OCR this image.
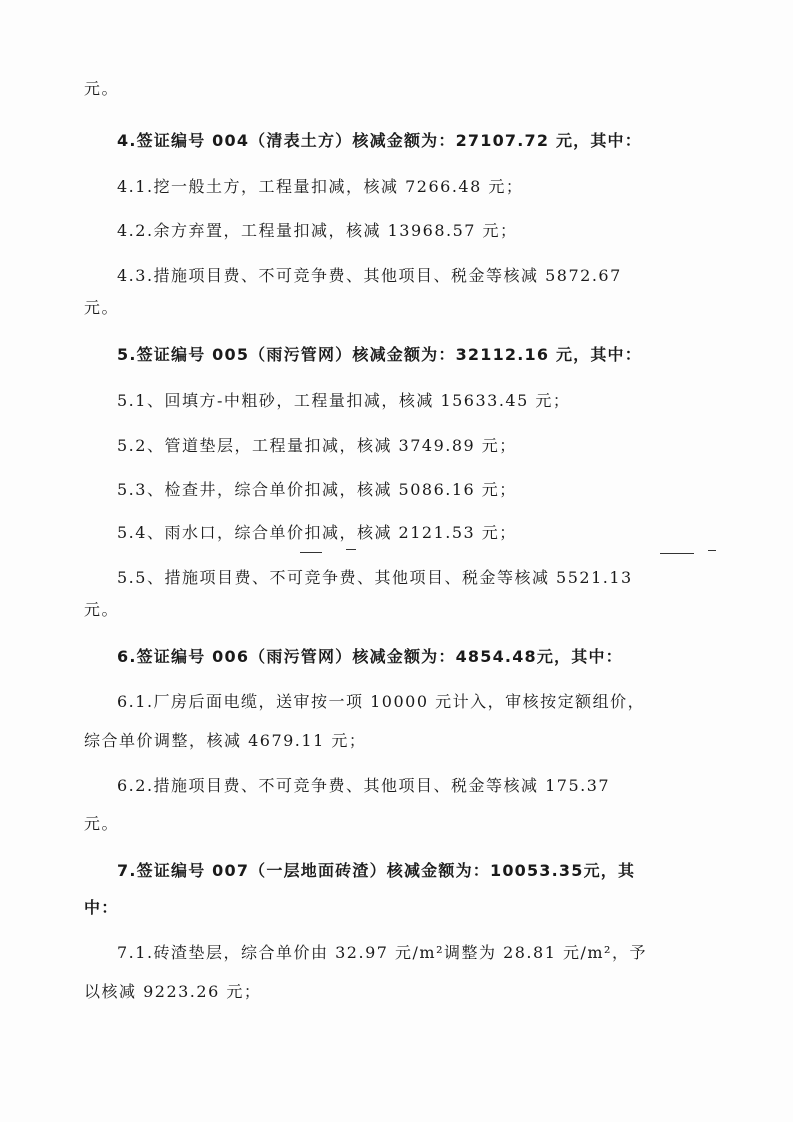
元。
4.签证编号 004（清表土方）核减金额为：27107.72 元，其中：
4.1.挖一般土方，工程量扣减，核减 7266.48 元；
4.2.余方弃置，工程量扣减，核减 13968.57 元；
4.3.措施项目费、不可竞争费、其他项目、税金等核减 5872.67
元。
5.签证编号 005（雨污管网）核减金额为：32112.16 元，其中：
5.1、回填方-中粗砂，工程量扣减，核减 15633.45 元；
5.2、管道垫层，工程量扣减，核减 3749.89 元；
5.3、检查井，综合单价扣减，核减 5086.16 元；
5.4、雨水口，综合单价扣减，核减 2121.53 元；
5.5、措施项目费、不可竞争费、其他项目、税金等核减 5521.13
元。
6.签证编号 006（雨污管网）核减金额为：4854.48元，其中：
6.1.厂房后面电缆，送审按一项 10000 元计入，审核按定额组价，
综合单价调整，核减 4679.11 元；
6.2.措施项目费、不可竞争费、其他项目、税金等核减 175.37
元。
7.签证编号 007（一层地面砖渣）核减金额为：10053.35元，其
中：
7.1.砖渣垫层，综合单价由 32.97 元/m²调整为 28.81 元/m²，予
以核减 9223.26 元；
